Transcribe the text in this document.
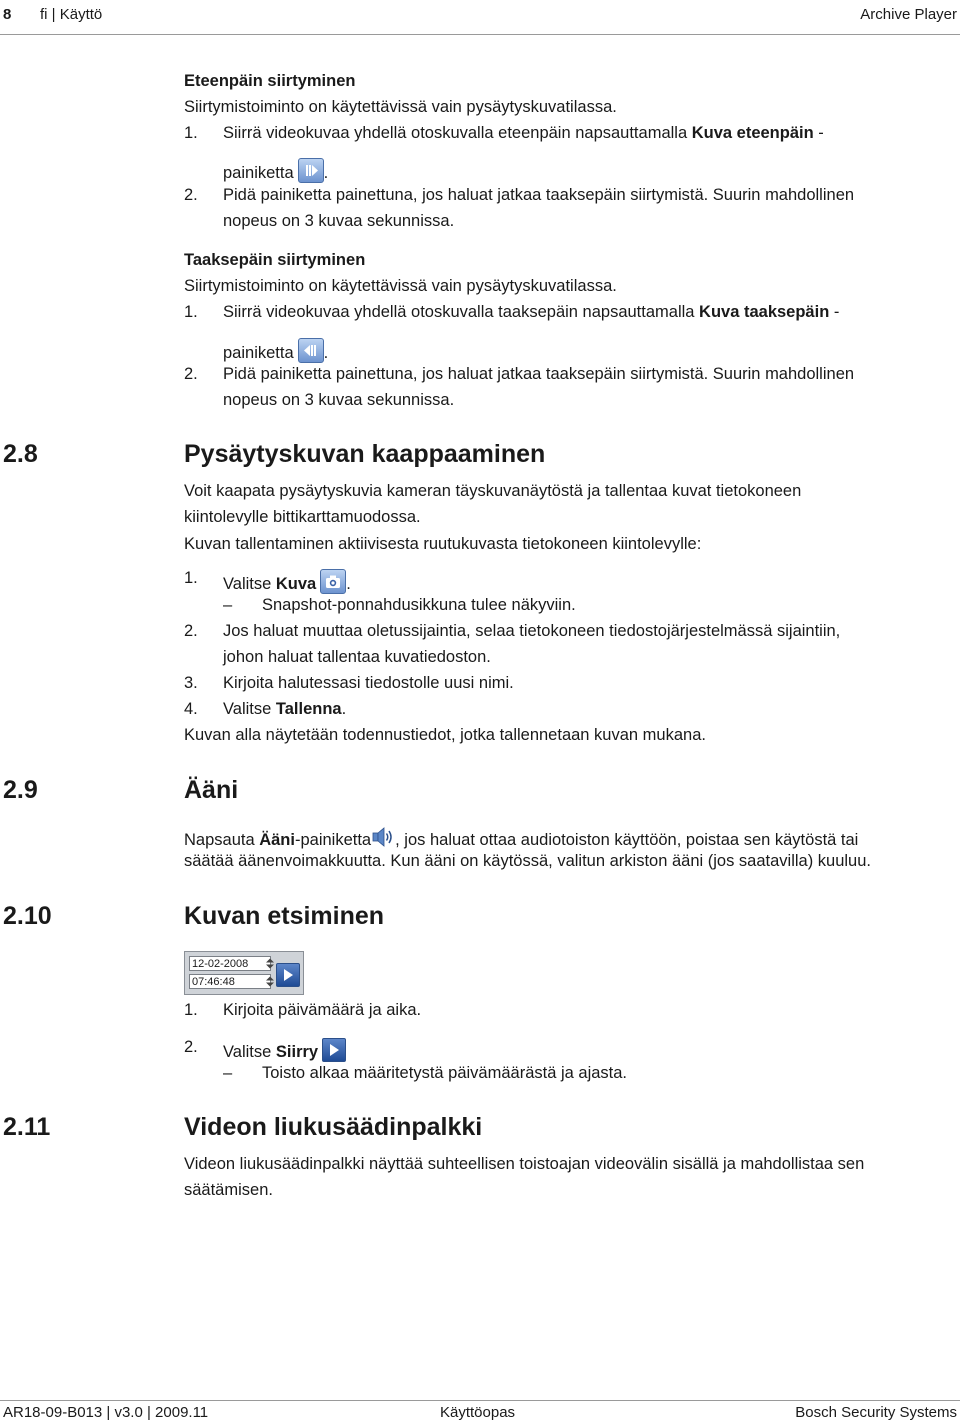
8 fi | Käyttö	Archive Player
Eteenpäin siirtyminen
Siirtymistoiminto on käytettävissä vain pysäytyskuvatilassa.
1. Siirrä videokuvaa yhdellä otoskuvalla eteenpäin napsauttamalla Kuva eteenpäin -
painiketta .
2. Pidä painiketta painettuna, jos haluat jatkaa taaksepäin siirtymistä. Suurin mahdollinen
nopeus on 3 kuvaa sekunnissa.
Taaksepäin siirtyminen
Siirtymistoiminto on käytettävissä vain pysäytyskuvatilassa.
1. Siirrä videokuvaa yhdellä otoskuvalla taaksepäin napsauttamalla Kuva taaksepäin -
painiketta .
2. Pidä painiketta painettuna, jos haluat jatkaa taaksepäin siirtymistä. Suurin mahdollinen
nopeus on 3 kuvaa sekunnissa.
2.8	Pysäytyskuvan kaappaaminen
Voit kaapata pysäytyskuvia kameran täyskuvanäytöstä ja tallentaa kuvat tietokoneen
kiintolevylle bittikarttamuodossa.
Kuvan tallentaminen aktiivisesta ruutukuvasta tietokoneen kiintolevylle:
1. Valitse Kuva .
– Snapshot-ponnahdusikkuna tulee näkyviin.
2. Jos haluat muuttaa oletussijaintia, selaa tietokoneen tiedostojärjestelmässä sijaintiin,
johon haluat tallentaa kuvatiedoston.
3. Kirjoita halutessasi tiedostolle uusi nimi.
4. Valitse Tallenna.
Kuvan alla näytetään todennustiedot, jotka tallennetaan kuvan mukana.
2.9	Ääni
Napsauta Ääni-painiketta , jos haluat ottaa audiotoiston käyttöön, poistaa sen käytöstä tai
säätää äänenvoimakkuutta. Kun ääni on käytössä, valitun arkiston ääni (jos saatavilla) kuuluu.
2.10	Kuvan etsiminen
12-02-2008
07:46:48
1. Kirjoita päivämäärä ja aika.
2. Valitse Siirry
– Toisto alkaa määritetystä päivämäärästä ja ajasta.
2.11	Videon liukusäädinpalkki
Videon liukusäädinpalkki näyttää suhteellisen toistoajan videovälin sisällä ja mahdollistaa sen
säätämisen.
AR18-09-B013 | v3.0 | 2009.11	Käyttöopas	Bosch Security Systems
